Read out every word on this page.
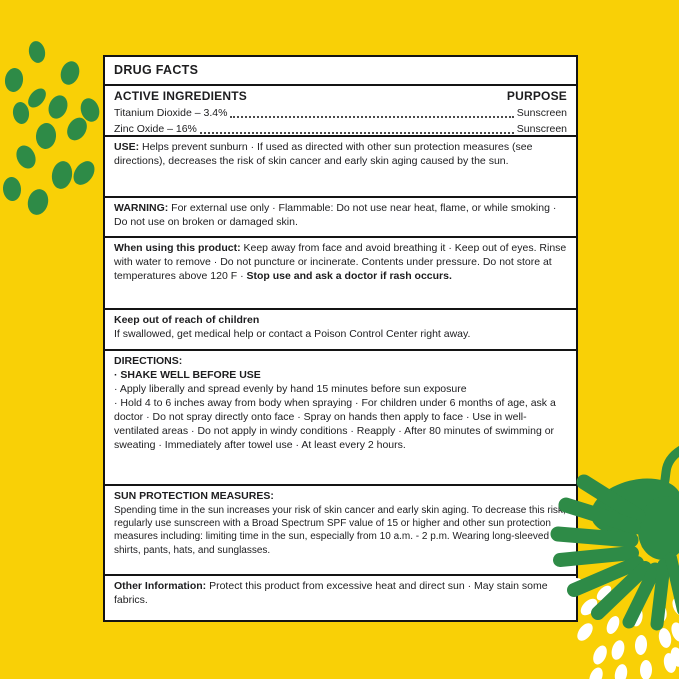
DRUG FACTS
ACTIVE INGREDIENTS	PURPOSE
Titanium Dioxide – 3.4%	Sunscreen
Zinc Oxide – 16%	Sunscreen
USE: Helps prevent sunburn · If used as directed with other sun protection measures (see directions), decreases the risk of skin cancer and early skin aging caused by the sun.
WARNING: For external use only · Flammable: Do not use near heat, flame, or while smoking · Do not use on broken or damaged skin.
When using this product: Keep away from face and avoid breathing it · Keep out of eyes. Rinse with water to remove · Do not puncture or incinerate. Contents under pressure. Do not store at temperatures above 120 F · Stop use and ask a doctor if rash occurs.
Keep out of reach of children
If swallowed, get medical help or contact a Poison Control Center right away.
DIRECTIONS:
· SHAKE WELL BEFORE USE
· Apply liberally and spread evenly by hand 15 minutes before sun exposure
· Hold 4 to 6 inches away from body when spraying · For children under 6 months of age, ask a doctor · Do not spray directly onto face · Spray on hands then apply to face · Use in well-ventilated areas · Do not apply in windy conditions · Reapply · After 80 minutes of swimming or sweating · Immediately after towel use · At least every 2 hours.
SUN PROTECTION MEASURES:
Spending time in the sun increases your risk of skin cancer and early skin aging. To decrease this risk, regularly use sunscreen with a Broad Spectrum SPF value of 15 or higher and other sun protection measures including: limiting time in the sun, especially from 10 a.m. - 2 p.m. Wearing long-sleeved shirts, pants, hats, and sunglasses.
Other Information: Protect this product from excessive heat and direct sun · May stain some fabrics.
